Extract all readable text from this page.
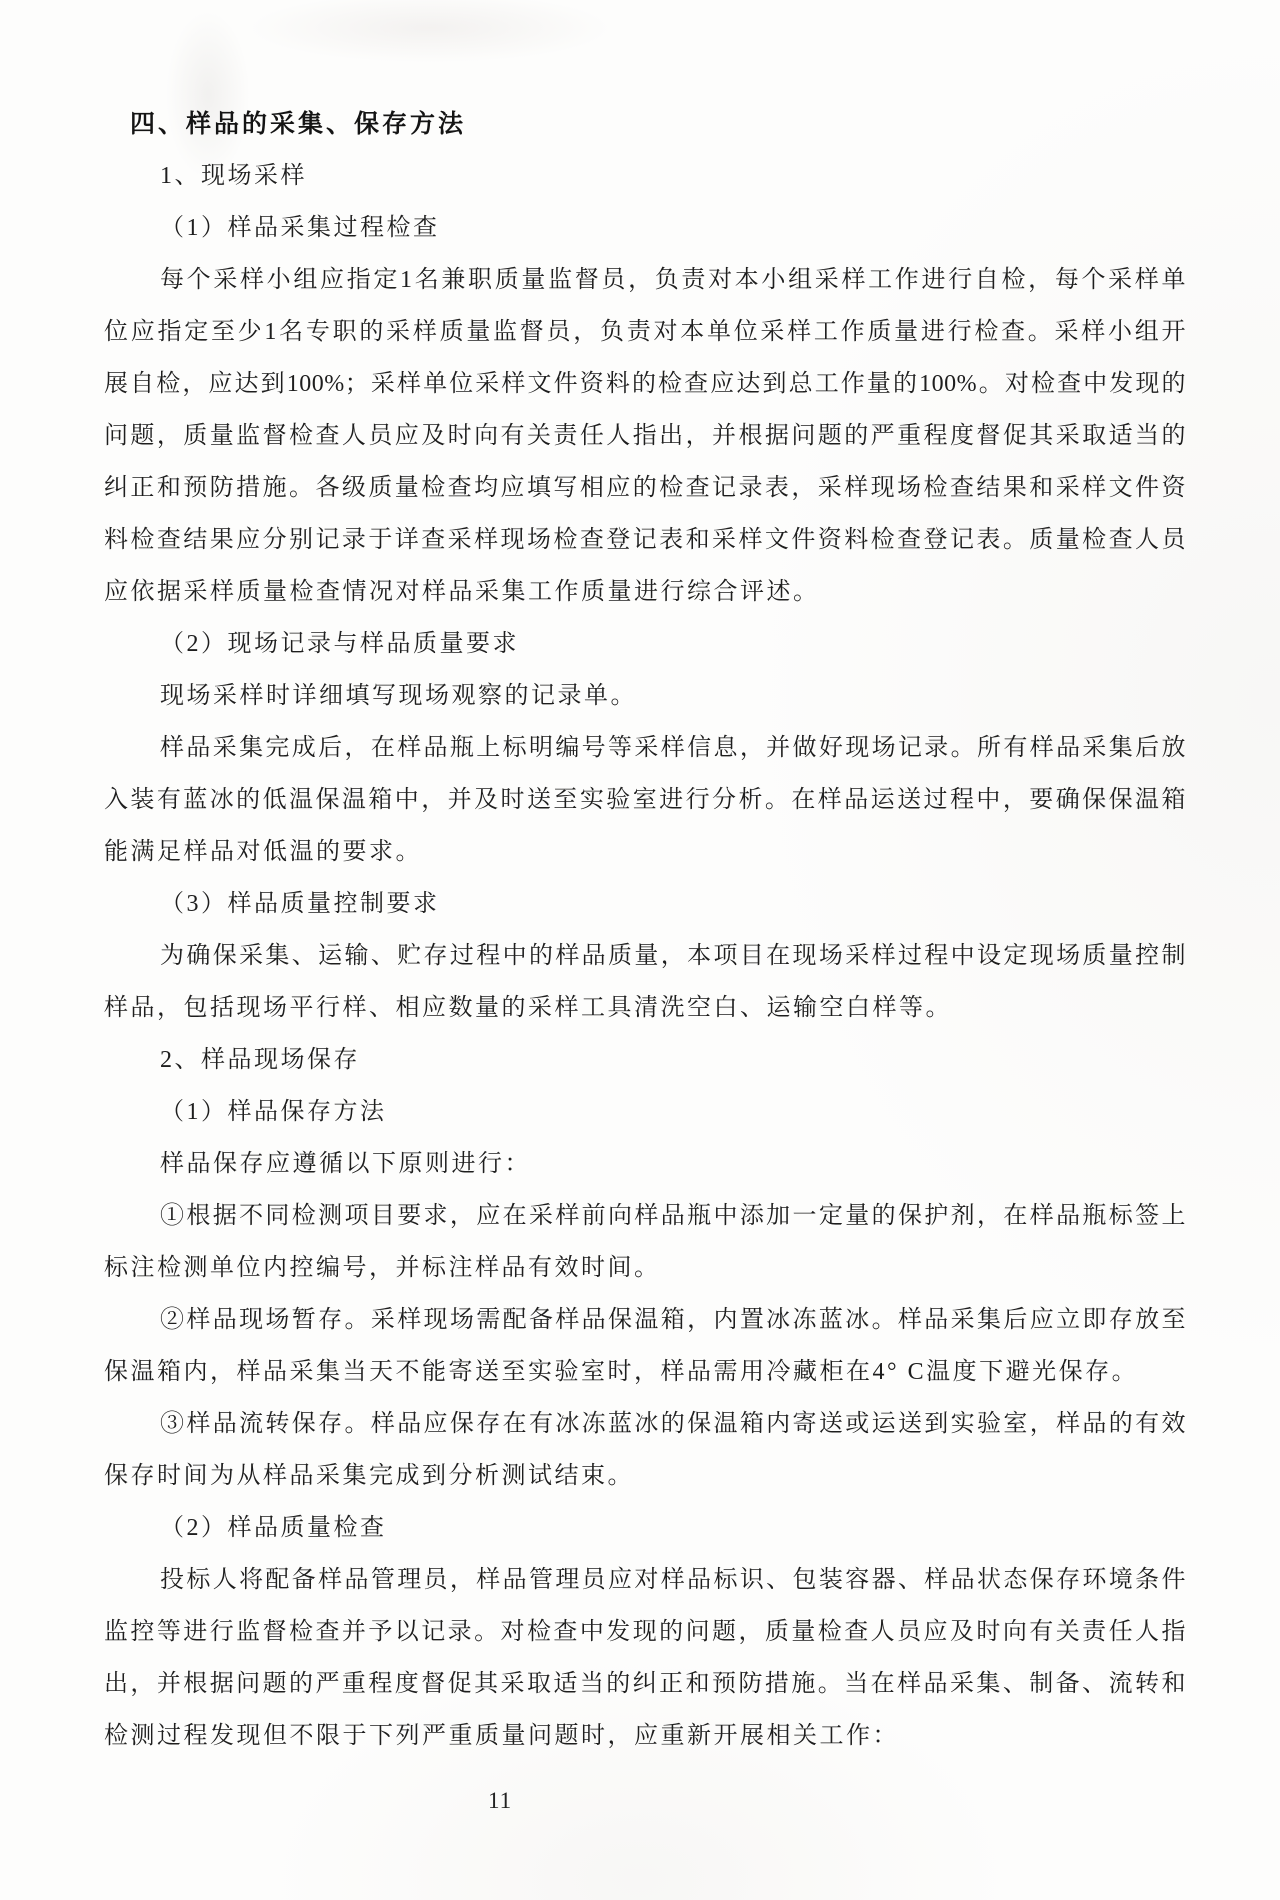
四、样品的采集、保存方法
1、现场采样
（1）样品采集过程检查
每个采样小组应指定1名兼职质量监督员，负责对本小组采样工作进行自检，每个采样单
位应指定至少1名专职的采样质量监督员，负责对本单位采样工作质量进行检查。采样小组开
展自检，应达到100%；采样单位采样文件资料的检查应达到总工作量的100%。对检查中发现的
问题，质量监督检查人员应及时向有关责任人指出，并根据问题的严重程度督促其采取适当的
纠正和预防措施。各级质量检查均应填写相应的检查记录表，采样现场检查结果和采样文件资
料检查结果应分别记录于详查采样现场检查登记表和采样文件资料检查登记表。质量检查人员
应依据采样质量检查情况对样品采集工作质量进行综合评述。
（2）现场记录与样品质量要求
现场采样时详细填写现场观察的记录单。
样品采集完成后，在样品瓶上标明编号等采样信息，并做好现场记录。所有样品采集后放
入装有蓝冰的低温保温箱中，并及时送至实验室进行分析。在样品运送过程中，要确保保温箱
能满足样品对低温的要求。
（3）样品质量控制要求
为确保采集、运输、贮存过程中的样品质量，本项目在现场采样过程中设定现场质量控制
样品，包括现场平行样、相应数量的采样工具清洗空白、运输空白样等。
2、样品现场保存
（1）样品保存方法
样品保存应遵循以下原则进行：
①根据不同检测项目要求，应在采样前向样品瓶中添加一定量的保护剂，在样品瓶标签上
标注检测单位内控编号，并标注样品有效时间。
②样品现场暂存。采样现场需配备样品保温箱，内置冰冻蓝冰。样品采集后应立即存放至
保温箱内，样品采集当天不能寄送至实验室时，样品需用冷藏柜在4° C温度下避光保存。
③样品流转保存。样品应保存在有冰冻蓝冰的保温箱内寄送或运送到实验室，样品的有效
保存时间为从样品采集完成到分析测试结束。
（2）样品质量检查
投标人将配备样品管理员，样品管理员应对样品标识、包装容器、样品状态保存环境条件
监控等进行监督检查并予以记录。对检查中发现的问题，质量检查人员应及时向有关责任人指
出，并根据问题的严重程度督促其采取适当的纠正和预防措施。当在样品采集、制备、流转和
检测过程发现但不限于下列严重质量问题时，应重新开展相关工作：
11
